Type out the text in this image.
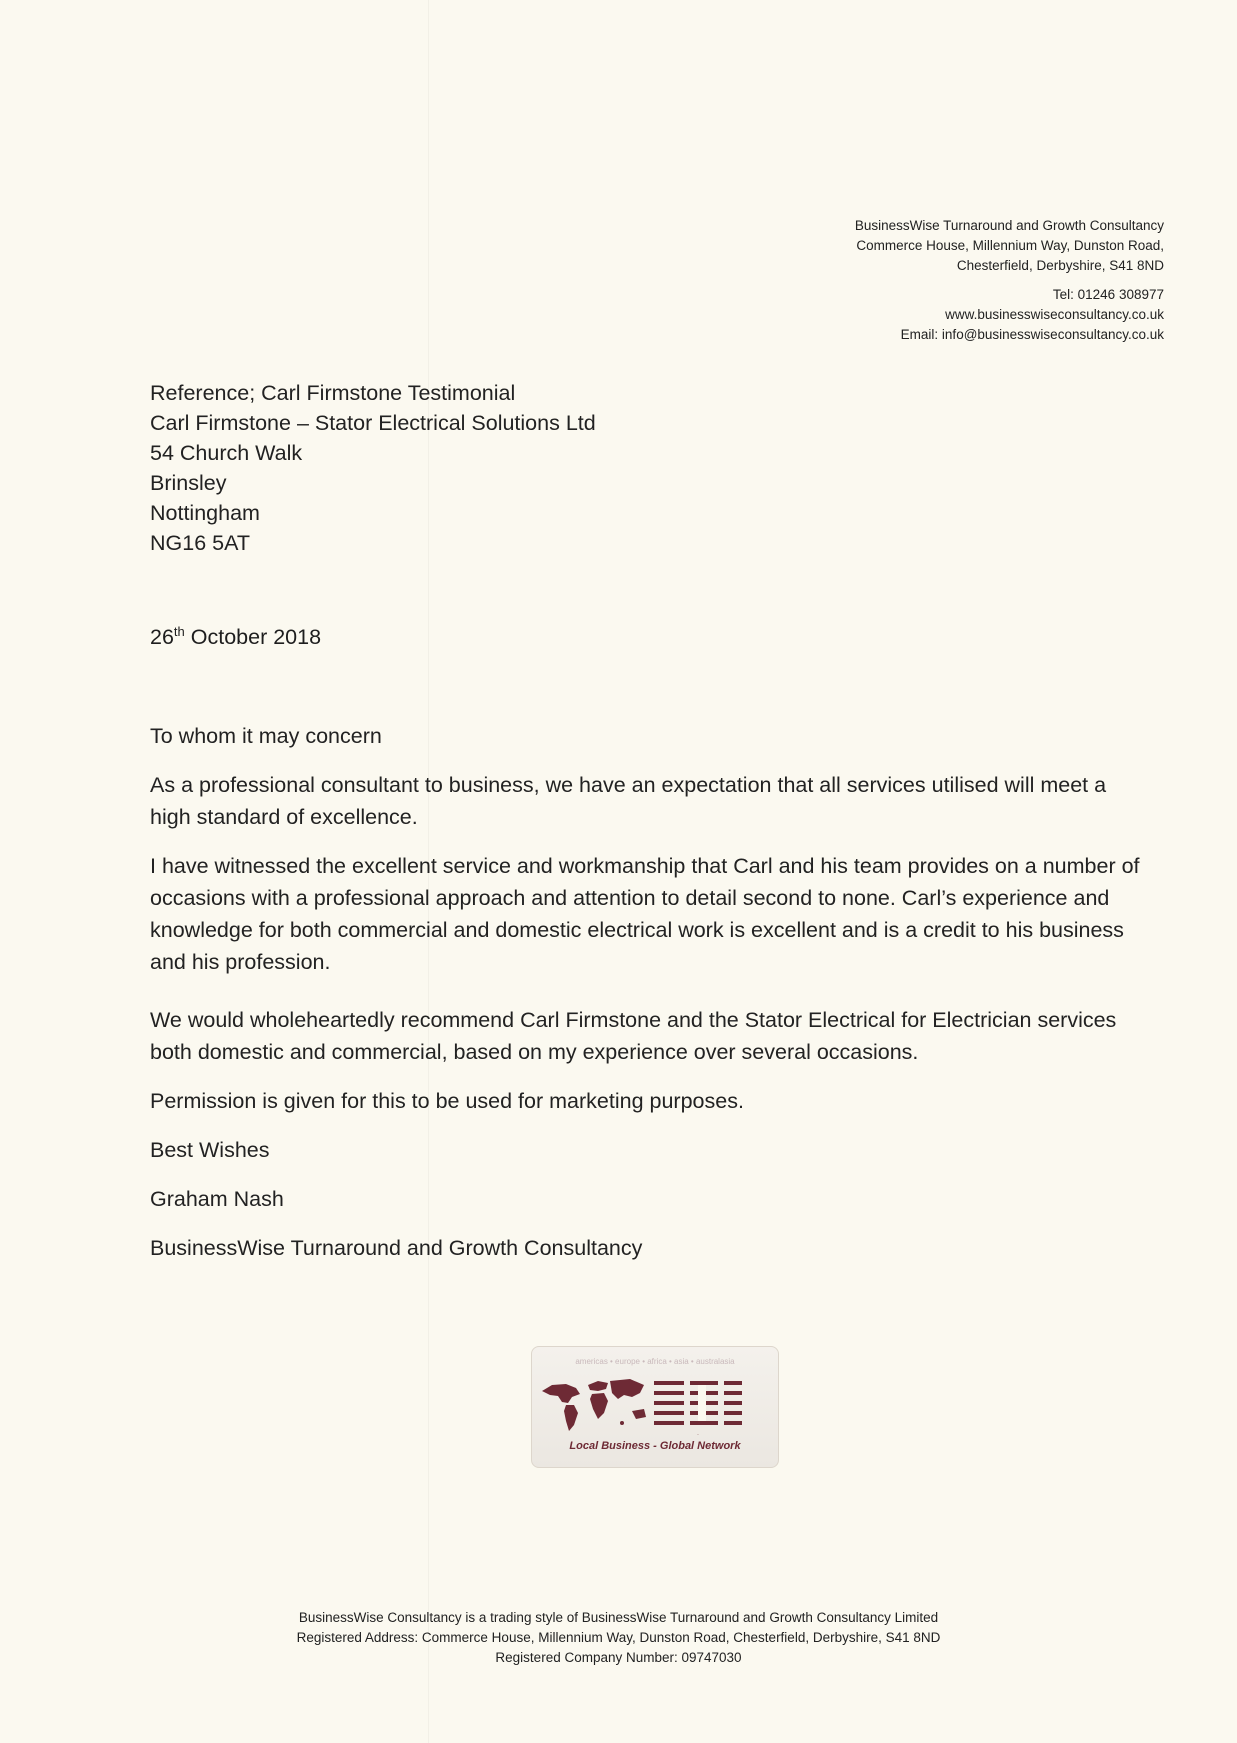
BusinessWise Turnaround and Growth Consultancy
Commerce House, Millennium Way, Dunston Road,
Chesterfield, Derbyshire, S41 8ND
Tel: 01246 308977
www.businesswiseconsultancy.co.uk
Email: info@businesswiseconsultancy.co.uk
Reference; Carl Firmstone Testimonial
Carl Firmstone – Stator Electrical Solutions Ltd
54 Church Walk
Brinsley
Nottingham
NG16 5AT
26th October 2018

To whom it may concern

As a professional consultant to business, we have an expectation that all services utilised will meet a high standard of excellence.

I have witnessed the excellent service and workmanship that Carl and his team provides on a number of occasions with a professional approach and attention to detail second to none. Carl’s experience and knowledge for both commercial and domestic electrical work is excellent and is a credit to his business and his profession.

We would wholeheartedly recommend Carl Firmstone and the Stator Electrical for Electrician services both domestic and commercial, based on my experience over several occasions.

Permission is given for this to be used for marketing purposes.

Best Wishes

Graham Nash

BusinessWise Turnaround and Growth Consultancy

americas • europe • africa • asia • australasia
BNI
Local Business - Global Network
BusinessWise Consultancy is a trading style of BusinessWise Turnaround and Growth Consultancy Limited
Registered Address: Commerce House, Millennium Way, Dunston Road, Chesterfield, Derbyshire, S41 8ND
Registered Company Number: 09747030
